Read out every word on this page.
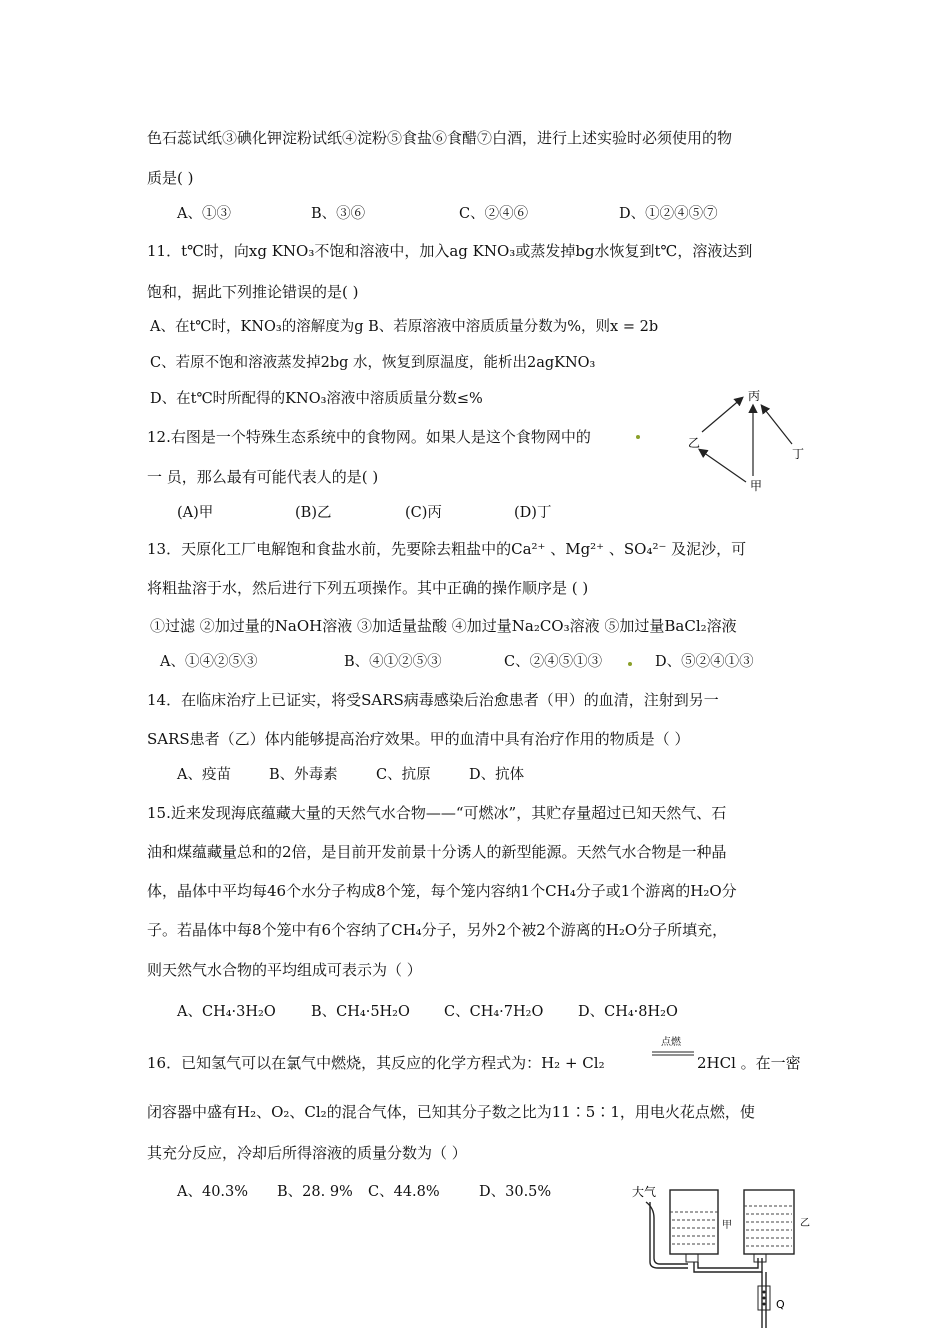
色石蕊试纸③碘化钾淀粉试纸④淀粉⑤食盐⑥食醋⑦白酒，进行上述实验时必须使用的物
质是( )
A、①③	B、③⑥	C、②④⑥	D、①②④⑤⑦
11．t℃时，向xg KNO₃不饱和溶液中，加入ag KNO₃或蒸发掉bg水恢复到t℃，溶液达到
饱和，据此下列推论错误的是( )
A、在t℃时，KNO₃的溶解度为g B、若原溶液中溶质质量分数为%，则x = 2b
C、若原不饱和溶液蒸发掉2bg 水，恢复到原温度，能析出2agKNO₃
D、在t℃时所配得的KNO₃溶液中溶质质量分数≤%
12.右图是一个特殊生态系统中的食物网。如果人是这个食物网中的
一 员，那么最有可能代表人的是( )
(A)甲	(B)乙	(C)丙	(D)丁
丙
乙
丁
甲
13．天原化工厂电解饱和食盐水前，先要除去粗盐中的Ca²⁺ 、Mg²⁺ 、SO₄²⁻ 及泥沙，可
将粗盐溶于水，然后进行下列五项操作。其中正确的操作顺序是 ( )
①过滤 ②加过量的NaOH溶液 ③加适量盐酸 ④加过量Na₂CO₃溶液 ⑤加过量BaCl₂溶液
A、①④②⑤③	B、④①②⑤③	C、②④⑤①③	D、⑤②④①③
14．在临床治疗上已证实，将受SARS病毒感染后治愈患者（甲）的血清，注射到另一
SARS患者（乙）体内能够提高治疗效果。甲的血清中具有治疗作用的物质是（ ）
A、疫苗	B、外毒素	C、抗原	D、抗体
15.近来发现海底蕴藏大量的天然气水合物——“可燃冰”，其贮存量超过已知天然气、石
油和煤蕴藏量总和的2倍，是目前开发前景十分诱人的新型能源。天然气水合物是一种晶
体，晶体中平均每46个水分子构成8个笼，每个笼内容纳1个CH₄分子或1个游离的H₂O分
子。若晶体中每8个笼中有6个容纳了CH₄分子，另外2个被2个游离的H₂O分子所填充，
则天然气水合物的平均组成可表示为（ ）
A、CH₄·3H₂O B、CH₄·5H₂O C、CH₄·7H₂O D、CH₄·8H₂O
16．已知氢气可以在氯气中燃烧，其反应的化学方程式为：H₂ + Cl₂
点燃
2HCl 。在一密
闭容器中盛有H₂、O₂、Cl₂的混合气体，已知其分子数之比为11∶5∶1，用电火花点燃，使
其充分反应，冷却后所得溶液的质量分数为（ ）
A、40.3% B、28. 9% C、44.8%	D、30.5%	大气
甲	乙
Q
